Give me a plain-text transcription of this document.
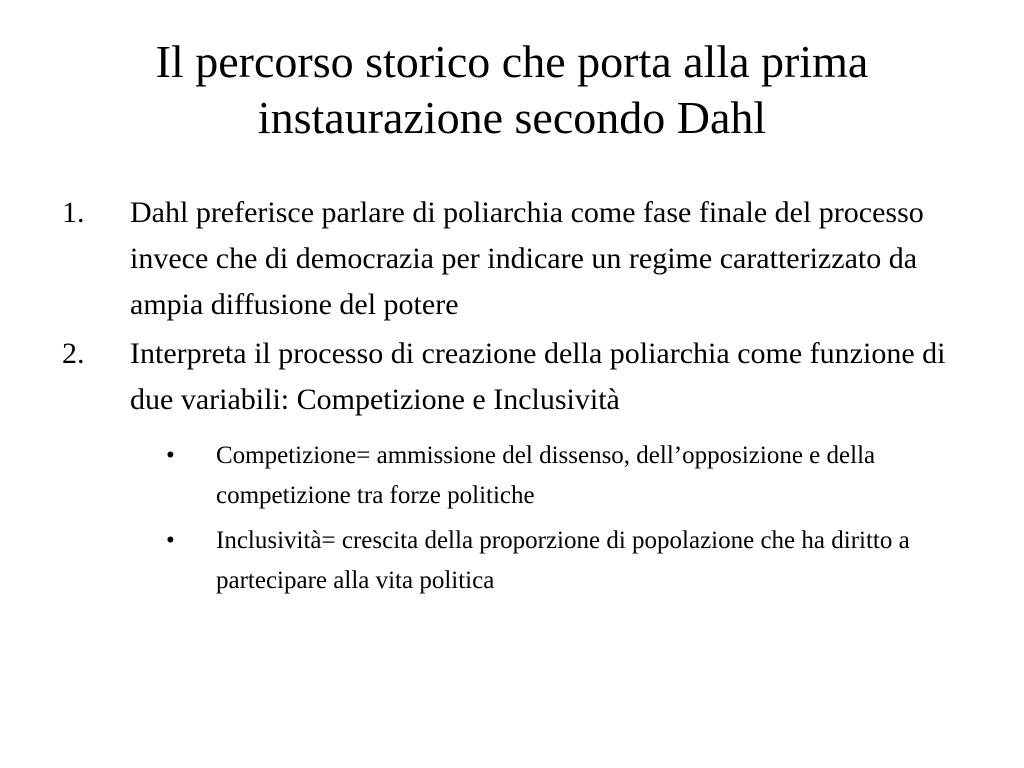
Il percorso storico che porta alla prima instaurazione secondo Dahl
1. Dahl preferisce parlare di poliarchia come fase finale del processo invece che di democrazia per indicare un regime caratterizzato da ampia diffusione del potere
2. Interpreta il processo di creazione della poliarchia come funzione di due variabili: Competizione e Inclusività
• Competizione= ammissione del dissenso, dell’opposizione e della competizione tra forze politiche
• Inclusività= crescita della proporzione di popolazione che ha diritto a partecipare alla vita politica
